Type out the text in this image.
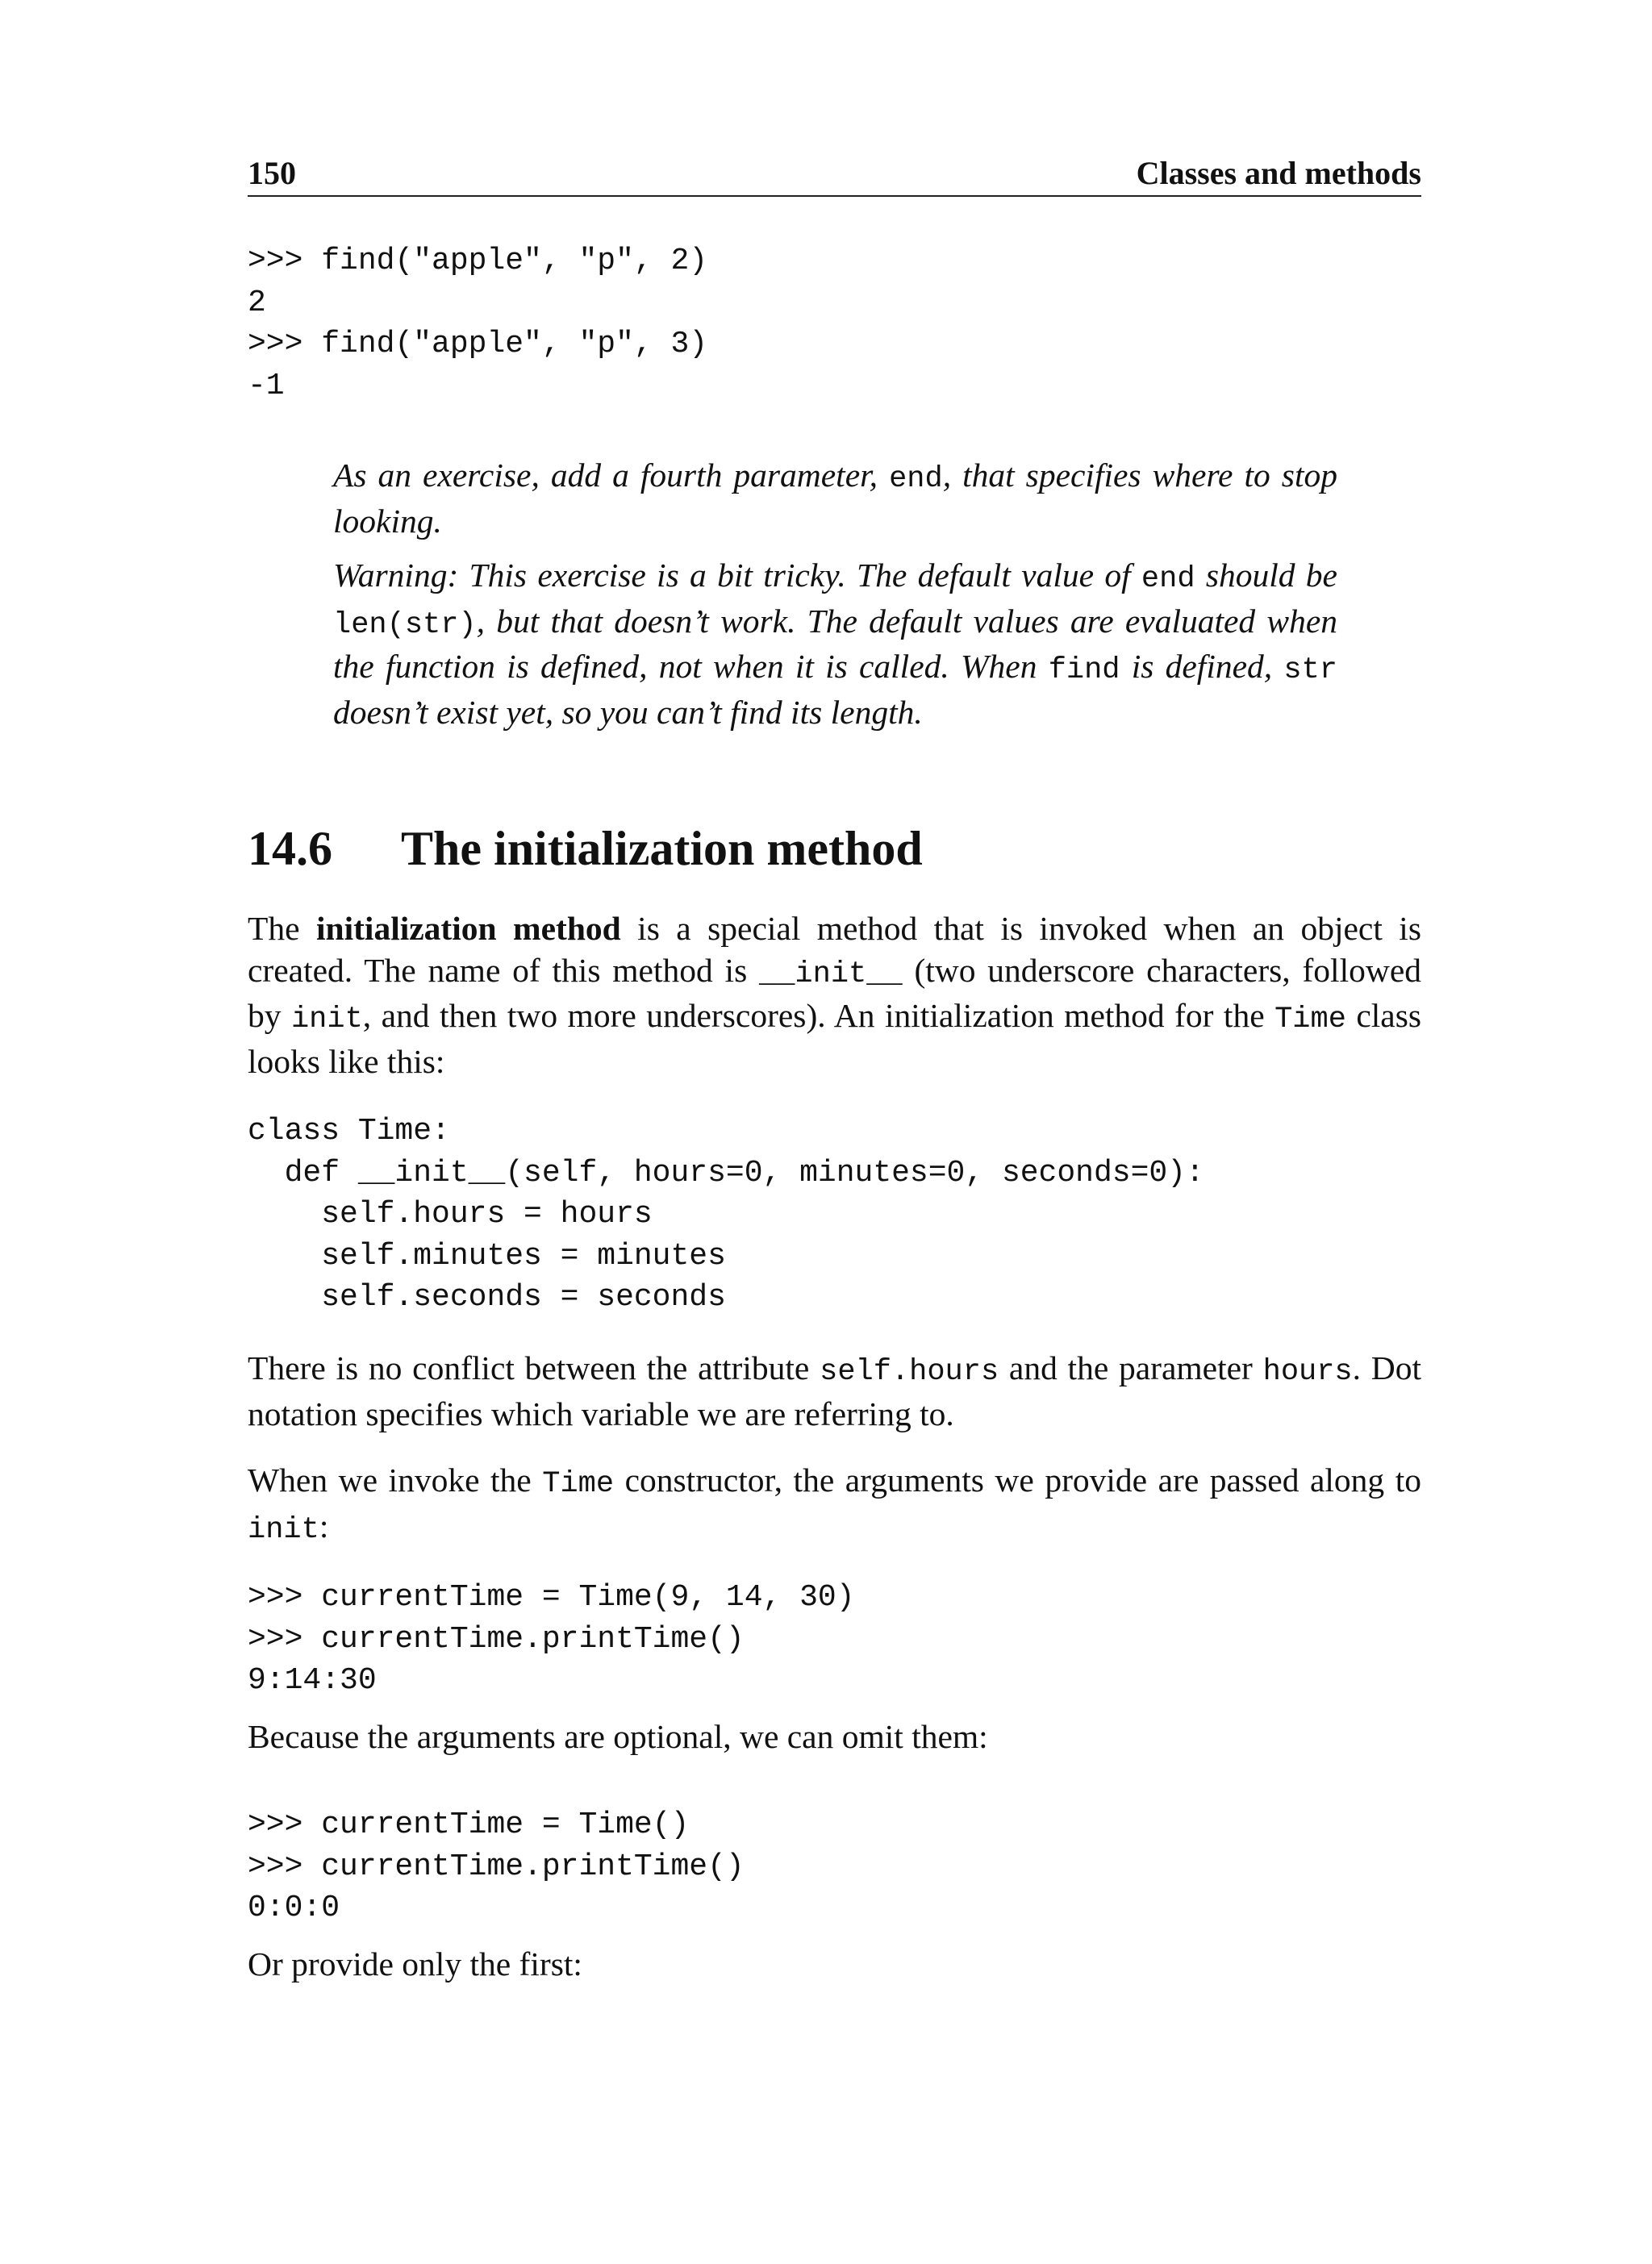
150	Classes and methods
>>> find("apple", "p", 2)
2
>>> find("apple", "p", 3)
-1
As an exercise, add a fourth parameter, end, that specifies where to stop looking.
Warning: This exercise is a bit tricky. The default value of end should be len(str), but that doesn’t work. The default values are evaluated when the function is defined, not when it is called. When find is defined, str doesn’t exist yet, so you can’t find its length.
14.6 The initialization method
The initialization method is a special method that is invoked when an object is created. The name of this method is __init__ (two underscore characters, followed by init, and then two more underscores). An initialization method for the Time class looks like this:
class Time:
def __init__(self, hours=0, minutes=0, seconds=0):
self.hours = hours
self.minutes = minutes
self.seconds = seconds
There is no conflict between the attribute self.hours and the parameter hours. Dot notation specifies which variable we are referring to.
When we invoke the Time constructor, the arguments we provide are passed along to init:
>>> currentTime = Time(9, 14, 30)
>>> currentTime.printTime()
9:14:30
Because the arguments are optional, we can omit them:
>>> currentTime = Time()
>>> currentTime.printTime()
0:0:0
Or provide only the first:
